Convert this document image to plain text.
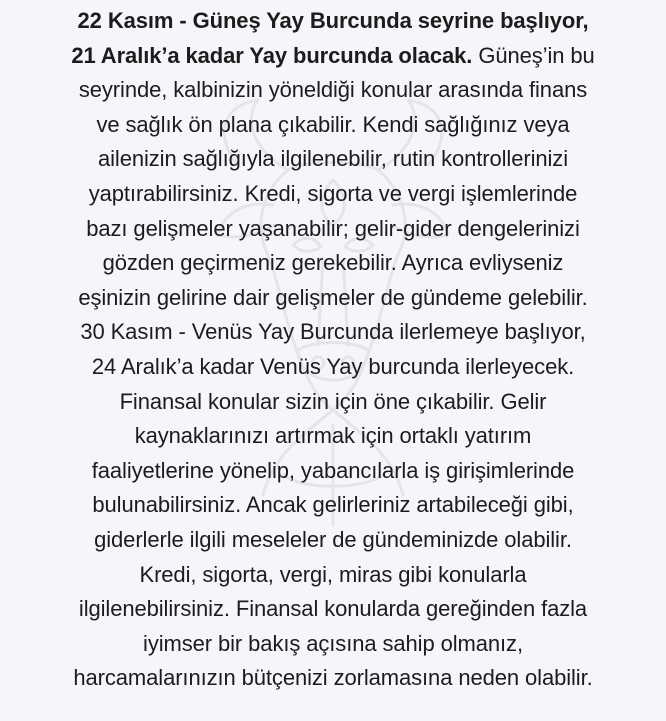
22 Kasım - Güneş Yay Burcunda seyrine başlıyor,
21 Aralık’a kadar Yay burcunda olacak. Güneş’in bu
seyrinde, kalbinizin yöneldiği konular arasında finans
ve sağlık ön plana çıkabilir. Kendi sağlığınız veya
ailenizin sağlığıyla ilgilenebilir, rutin kontrollerinizi
yaptırabilirsiniz. Kredi, sigorta ve vergi işlemlerinde
bazı gelişmeler yaşanabilir; gelir-gider dengelerinizi
gözden geçirmeniz gerekebilir. Ayrıca evliyseniz
eşinizin gelirine dair gelişmeler de gündeme gelebilir.
30 Kasım - Venüs Yay Burcunda ilerlemeye başlıyor,
24 Aralık’a kadar Venüs Yay burcunda ilerleyecek.
Finansal konular sizin için öne çıkabilir. Gelir
kaynaklarınızı artırmak için ortaklı yatırım
faaliyetlerine yönelip, yabancılarla iş girişimlerinde
bulunabilirsiniz. Ancak gelirleriniz artabileceği gibi,
giderlerle ilgili meseleler de gündeminizde olabilir.
Kredi, sigorta, vergi, miras gibi konularla
ilgilenebilirsiniz. Finansal konularda gereğinden fazla
iyimser bir bakış açısına sahip olmanız,
harcamalarınızın bütçenizi zorlamasına neden olabilir.
